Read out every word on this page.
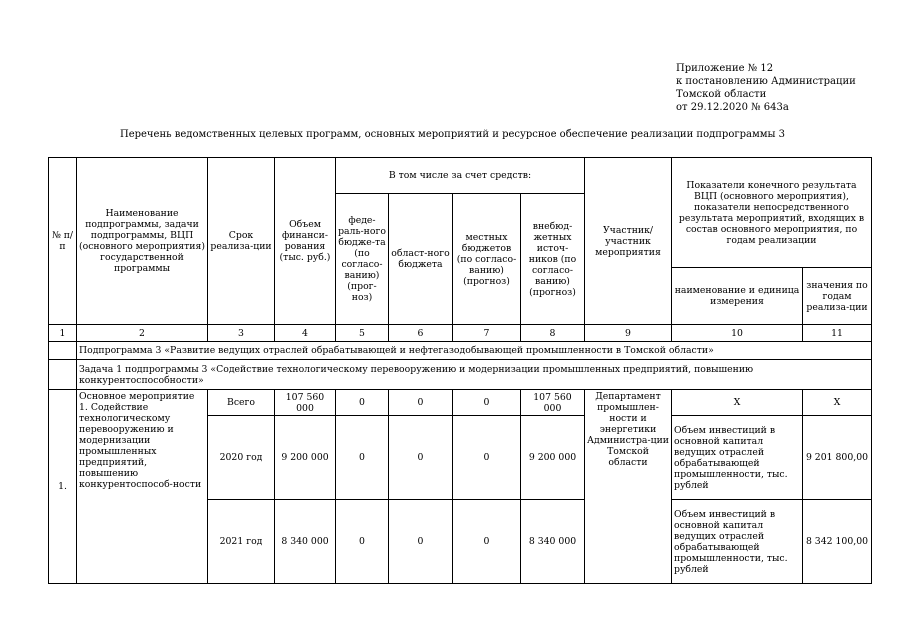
Приложение № 12
к постановлению Администрации
Томской области
от 29.12.2020 № 643а
Перечень ведомственных целевых программ, основных мероприятий и ресурсное обеспечение реализации подпрограммы 3
№ п/п	Наименование подпрограммы, задачи подпрограммы, ВЦП (основного мероприятия) государственной программы	Срок реализа-ции	Объем финанси-рования (тыс. руб.)	В том числе за счет средств:				Участник/ участник мероприятия	Показатели конечного результата ВЦП (основного мероприятия), показатели непосредственного результата мероприятий, входящих в состав основного мероприятия, по годам реализации	
				феде-раль-ного бюдже-та (по согласо-ванию) (прог-ноз)	област-ного бюджета	местных бюджетов (по согласо-ванию) (прогноз)	внебюд-жетных источ-ников (по согласо-ванию) (прогноз)			
									наименование и единица измерения	значения по годам реализа-ции
1	2	3	4	5	6	7	8	9	10	11
	Подпрограмма 3 «Развитие ведущих отраслей обрабатывающей и нефтегазодобывающей промышленности в Томской области»									
	Задача 1 подпрограммы 3 «Содействие технологическому перевооружению и модернизации промышленных предприятий, повышению конкурентоспособности»									
1.	Основное мероприятие 1. Содействие технологическому перевооружению и модернизации промышленных предприятий, повышению конкурентоспособ-ности	Всего	107 560 000	0	0	0	107 560 000	Департамент промышлен-ности и энергетики Администра-ции Томской области	Х	Х
		2020 год	9 200 000	0	0	0	9 200 000		Объем инвестиций в основной капитал ведущих отраслей обрабатывающей промышленности, тыс. рублей	9 201 800,00
		2021 год	8 340 000	0	0	0	8 340 000		Объем инвестиций в основной капитал ведущих отраслей обрабатывающей промышленности, тыс. рублей	8 342 100,00
